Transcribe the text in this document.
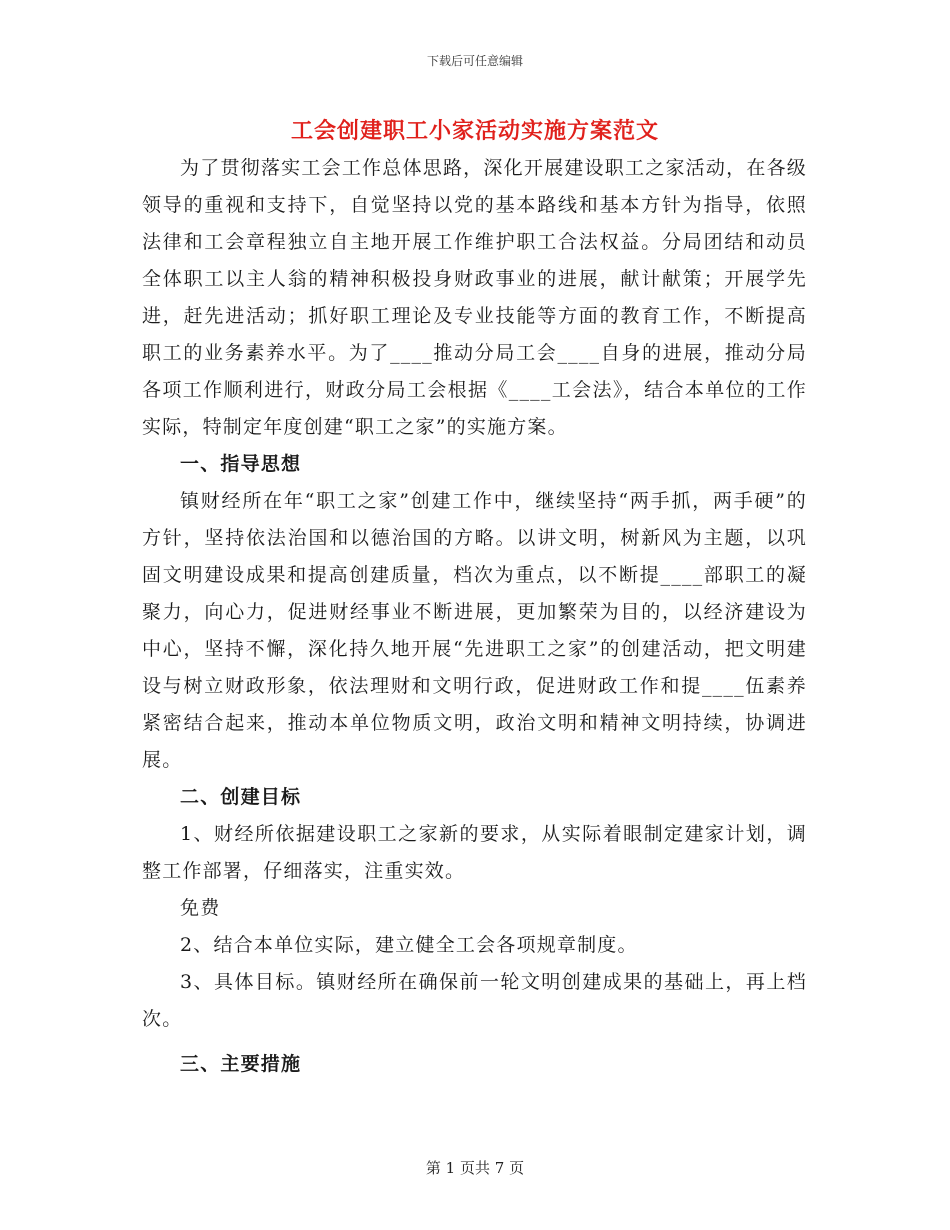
下载后可任意编辑
工会创建职工小家活动实施方案范文

为了贯彻落实工会工作总体思路，深化开展建设职工之家活动，在各级领导的重视和支持下，自觉坚持以党的基本路线和基本方针为指导，依照法律和工会章程独立自主地开展工作维护职工合法权益。分局团结和动员全体职工以主人翁的精神积极投身财政事业的进展，献计献策；开展学先进，赶先进活动；抓好职工理论及专业技能等方面的教育工作，不断提高职工的业务素养水平。为了____推动分局工会____自身的进展，推动分局各项工作顺利进行，财政分局工会根据《____工会法》，结合本单位的工作实际，特制定年度创建“职工之家”的实施方案。

一、指导思想

镇财经所在年“职工之家”创建工作中，继续坚持“两手抓，两手硬”的方针，坚持依法治国和以德治国的方略。以讲文明，树新风为主题，以巩固文明建设成果和提高创建质量，档次为重点，以不断提____部职工的凝聚力，向心力，促进财经事业不断进展，更加繁荣为目的，以经济建设为中心，坚持不懈，深化持久地开展“先进职工之家”的创建活动，把文明建设与树立财政形象，依法理财和文明行政，促进财政工作和提____伍素养紧密结合起来，推动本单位物质文明，政治文明和精神文明持续，协调进展。

二、创建目标

1、财经所依据建设职工之家新的要求，从实际着眼制定建家计划，调整工作部署，仔细落实，注重实效。

免费

2、结合本单位实际，建立健全工会各项规章制度。

3、具体目标。镇财经所在确保前一轮文明创建成果的基础上，再上档次。

三、主要措施

第 1 页共 7 页
